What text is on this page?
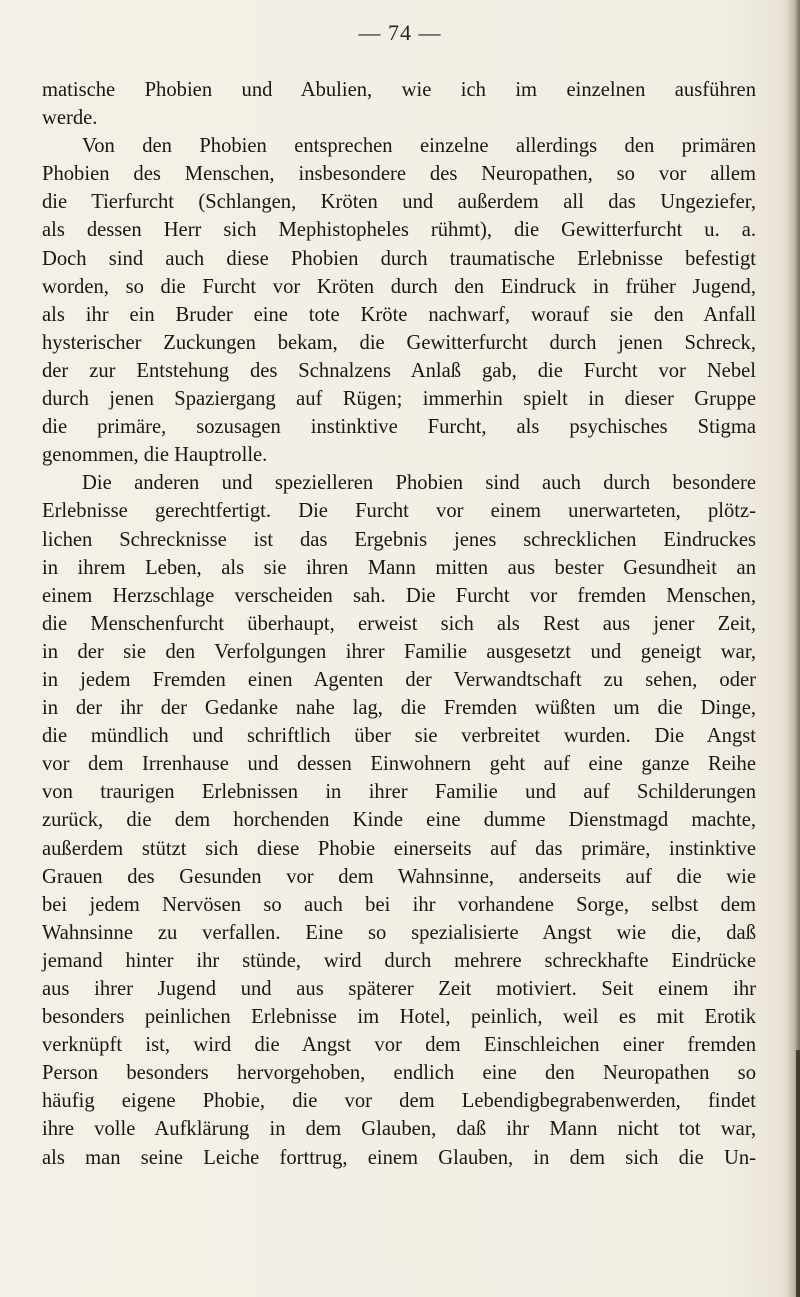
— 74 —
matische Phobien und Abulien, wie ich im einzelnen ausführen
werde.
Von den Phobien entsprechen einzelne allerdings den primären
Phobien des Menschen, insbesondere des Neuropathen, so vor allem
die Tierfurcht (Schlangen, Kröten und außerdem all das Ungeziefer,
als dessen Herr sich Mephistopheles rühmt), die Gewitterfurcht u. a.
Doch sind auch diese Phobien durch traumatische Erlebnisse befestigt
worden, so die Furcht vor Kröten durch den Eindruck in früher Jugend,
als ihr ein Bruder eine tote Kröte nachwarf, worauf sie den Anfall
hysterischer Zuckungen bekam, die Gewitterfurcht durch jenen Schreck,
der zur Entstehung des Schnalzens Anlaß gab, die Furcht vor Nebel
durch jenen Spaziergang auf Rügen; immerhin spielt in dieser Gruppe
die primäre, sozusagen instinktive Furcht, als psychisches Stigma
genommen, die Hauptrolle.
Die anderen und spezielleren Phobien sind auch durch besondere
Erlebnisse gerechtfertigt. Die Furcht vor einem unerwarteten, plötz-
lichen Schrecknisse ist das Ergebnis jenes schrecklichen Eindruckes
in ihrem Leben, als sie ihren Mann mitten aus bester Gesundheit an
einem Herzschlage verscheiden sah. Die Furcht vor fremden Menschen,
die Menschenfurcht überhaupt, erweist sich als Rest aus jener Zeit,
in der sie den Verfolgungen ihrer Familie ausgesetzt und geneigt war,
in jedem Fremden einen Agenten der Verwandtschaft zu sehen, oder
in der ihr der Gedanke nahe lag, die Fremden wüßten um die Dinge,
die mündlich und schriftlich über sie verbreitet wurden. Die Angst
vor dem Irrenhause und dessen Einwohnern geht auf eine ganze Reihe
von traurigen Erlebnissen in ihrer Familie und auf Schilderungen
zurück, die dem horchenden Kinde eine dumme Dienstmagd machte,
außerdem stützt sich diese Phobie einerseits auf das primäre, instinktive
Grauen des Gesunden vor dem Wahnsinne, anderseits auf die wie
bei jedem Nervösen so auch bei ihr vorhandene Sorge, selbst dem
Wahnsinne zu verfallen. Eine so spezialisierte Angst wie die, daß
jemand hinter ihr stünde, wird durch mehrere schreckhafte Eindrücke
aus ihrer Jugend und aus späterer Zeit motiviert. Seit einem ihr
besonders peinlichen Erlebnisse im Hotel, peinlich, weil es mit Erotik
verknüpft ist, wird die Angst vor dem Einschleichen einer fremden
Person besonders hervorgehoben, endlich eine den Neuropathen so
häufig eigene Phobie, die vor dem Lebendigbegrabenwerden, findet
ihre volle Aufklärung in dem Glauben, daß ihr Mann nicht tot war,
als man seine Leiche forttrug, einem Glauben, in dem sich die Un-
